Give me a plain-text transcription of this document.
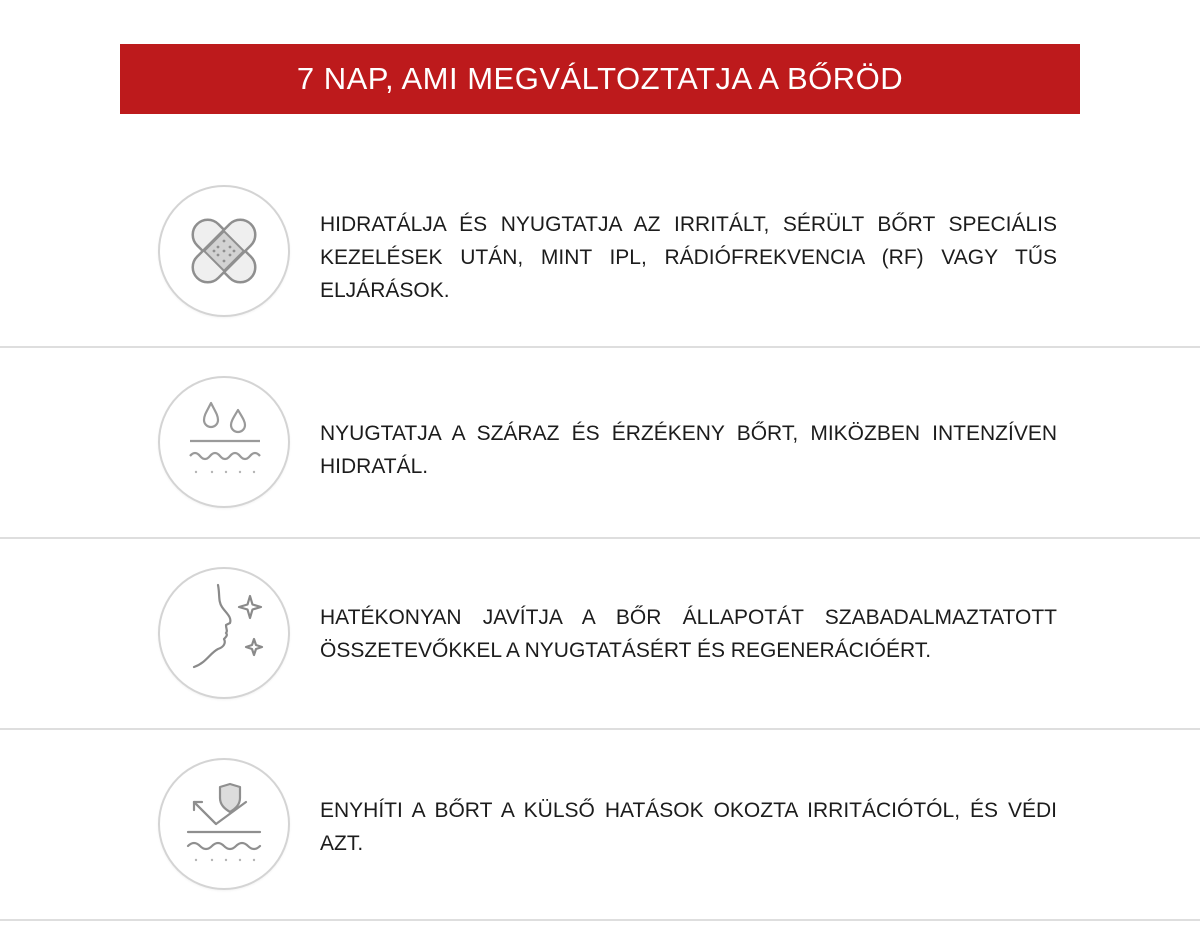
7 NAP, AMI MEGVÁLTOZTATJA A BŐRÖD

HIDRATÁLJA ÉS NYUGTATJA AZ IRRITÁLT, SÉRÜLT BŐRT SPECIÁLIS KEZELÉSEK UTÁN, MINT IPL, RÁDIÓFREKVENCIA (RF) VAGY TŰS ELJÁRÁSOK.

NYUGTATJA A SZÁRAZ ÉS ÉRZÉKENY BŐRT, MIKÖZBEN INTENZÍVEN HIDRATÁL.

HATÉKONYAN JAVÍTJA A BŐR ÁLLAPOTÁT SZABADALMAZTATOTT ÖSSZETEVŐKKEL A NYUGTATÁSÉRT ÉS REGENERÁCIÓÉRT.

ENYHÍTI A BŐRT A KÜLSŐ HATÁSOK OKOZTA IRRITÁCIÓTÓL, ÉS VÉDI AZT.
